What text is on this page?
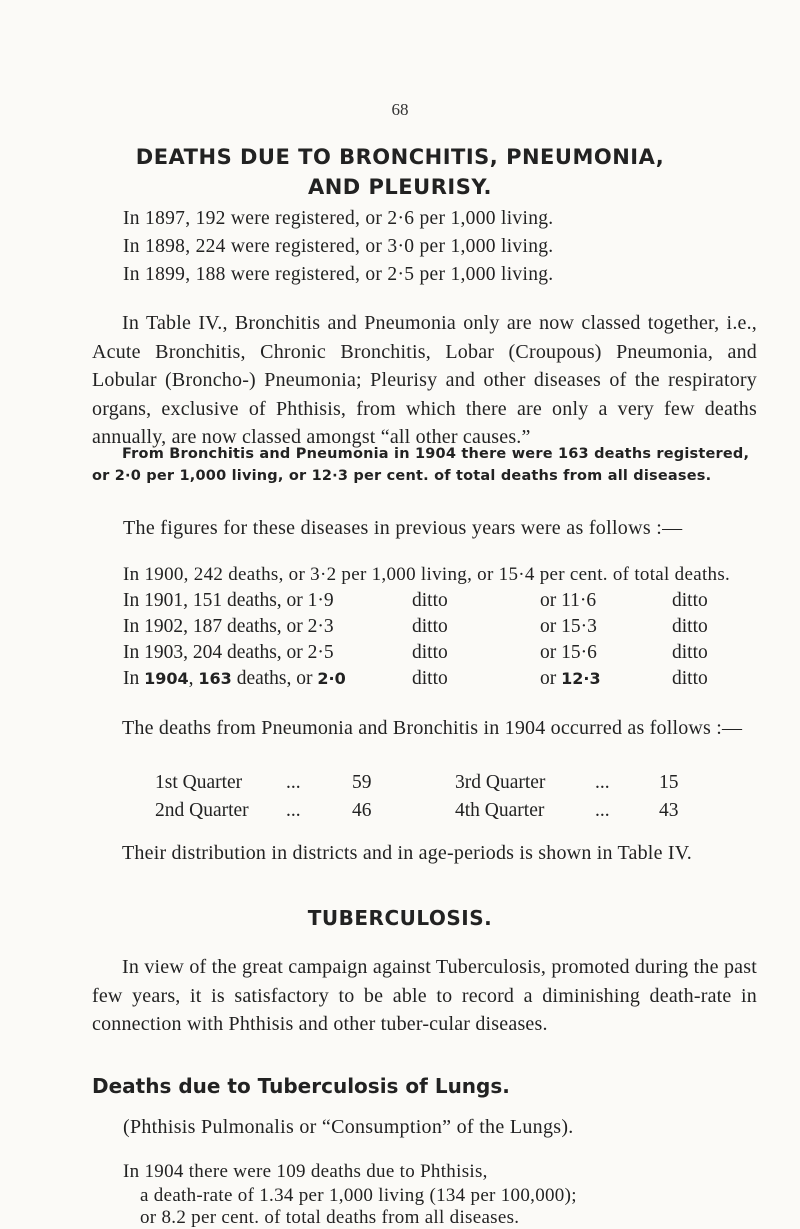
68
DEATHS DUE TO BRONCHITIS, PNEUMONIA,
AND PLEURISY.
In 1897, 192 were registered, or 2·6 per 1,000 living.
In 1898, 224 were registered, or 3·0 per 1,000 living.
In 1899, 188 were registered, or 2·5 per 1,000 living.
In Table IV., Bronchitis and Pneumonia only are now classed together, i.e., Acute Bronchitis, Chronic Bronchitis, Lobar (Croupous) Pneumonia, and Lobular (Broncho-) Pneumonia; Pleurisy and other diseases of the respiratory organs, exclusive of Phthisis, from which there are only a very few deaths annually, are now classed amongst “all other causes.”
From Bronchitis and Pneumonia in 1904 there were 163 deaths registered, or 2·0 per 1,000 living, or 12·3 per cent. of total deaths from all diseases.
The figures for these diseases in previous years were as follows :—
In 1900, 242 deaths, or 3·2 per 1,000 living, or 15·4 per cent. of total deaths.
In 1901, 151 deaths, or 1·9	ditto	or 11·6	ditto
In 1902, 187 deaths, or 2·3	ditto	or 15·3	ditto
In 1903, 204 deaths, or 2·5	ditto	or 15·6	ditto
In 1904, 163 deaths, or 2·0	ditto	or 12·3	ditto
The deaths from Pneumonia and Bronchitis in 1904 occurred as follows :—
1st Quarter ...	59	3rd Quarter	...	15
2nd Quarter ...	46	4th Quarter	...	43
Their distribution in districts and in age-periods is shown in Table IV.
TUBERCULOSIS.
In view of the great campaign against Tuberculosis, promoted during the past few years, it is satisfactory to be able to record a diminishing death-rate in connection with Phthisis and other tuber-cular diseases.
Deaths due to Tuberculosis of Lungs.
(Phthisis Pulmonalis or “Consumption” of the Lungs).
In 1904 there were 109 deaths due to Phthisis,
a death-rate of 1.34 per 1,000 living (134 per 100,000);
or 8.2 per cent. of total deaths from all diseases.
